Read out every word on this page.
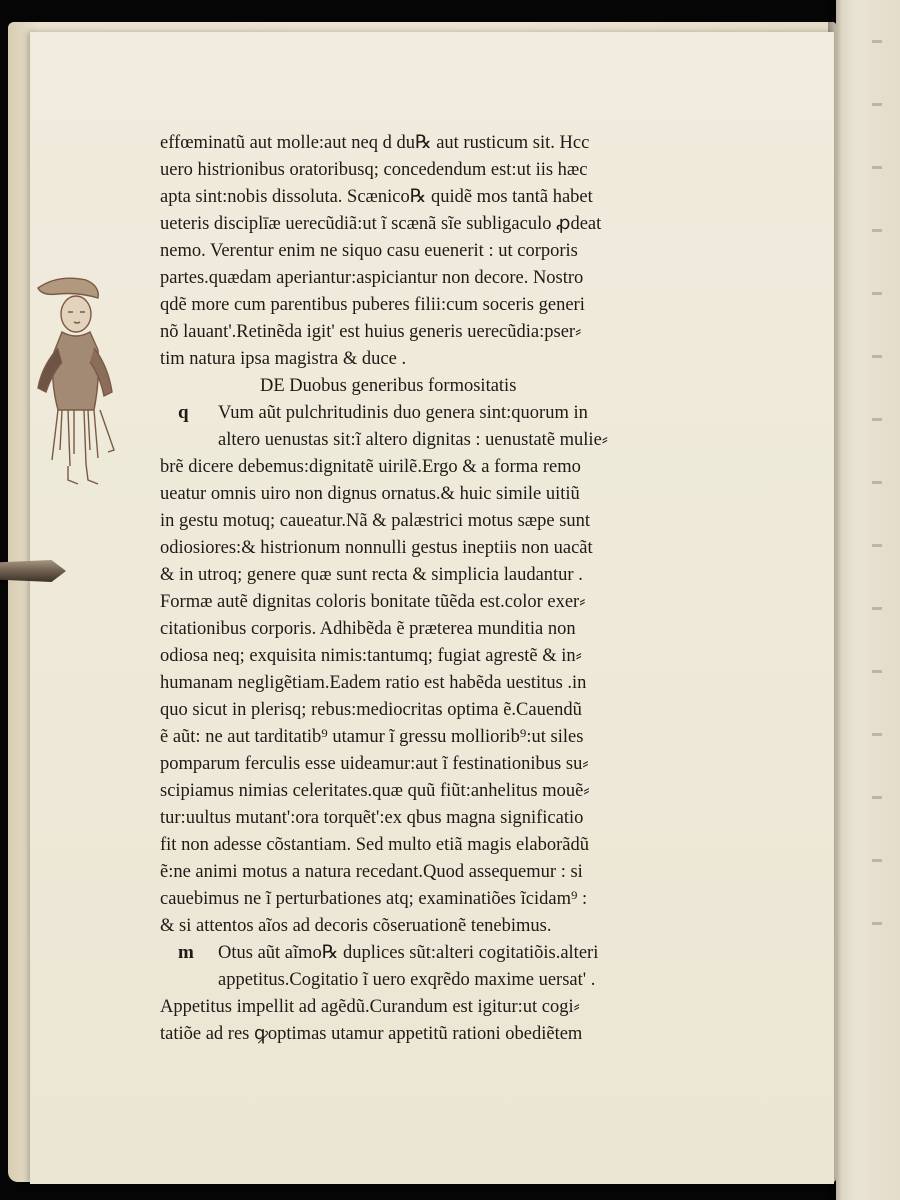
effœminatũ aut molle:aut neq d du℞ aut rusticum sit. Hcc
uero histrionibus oratoribusq; concedendum est:ut iis hæc
apta sint:nobis dissoluta. Scænico℞ quidẽ mos tantã habet
ueteris disciplīæ uerecũdiã:ut ĩ scænã sĩe subligaculo ꝓdeat
nemo. Verentur enim ne siquo casu euenerit : ut corporis
partes.quædam aperiantur:aspiciantur non decore. Nostro
qdẽ more cum parentibus puberes filii:cum soceris generi
nõ lauant'.Retinẽda igit' est huius generis uerecũdia:pser⸗
tim natura ipsa magistra & duce .
DE Duobus generibus formositatis
q Vum aũt pulchritudinis duo genera sint:quorum in
altero uenustas sit:ĩ altero dignitas : uenustatẽ mulie⸗
brẽ dicere debemus:dignitatẽ uirilẽ.Ergo & a forma remo
ueatur omnis uiro non dignus ornatus.& huic simile uitiũ
in gestu motuq; caueatur.Nã & palæstrici motus sæpe sunt
odiosiores:& histrionum nonnulli gestus ineptiis non uacãt
& in utroq; genere quæ sunt recta & simplicia laudantur .
Formæ autẽ dignitas coloris bonitate tũẽda est.color exer⸗
citationibus corporis. Adhibẽda ẽ præterea munditia non
odiosa neq; exquisita nimis:tantumq; fugiat agrestẽ & in⸗
humanam negligẽtiam.Eadem ratio est habẽda uestitus .in
quo sicut in plerisq; rebus:mediocritas optima ẽ.Cauendũ
ẽ aũt: ne aut tarditatib⁹ utamur ĩ gressu molliorib⁹:ut siles
pomparum ferculis esse uideamur:aut ĩ festinationibus su⸗
scipiamus nimias celeritates.quæ quũ fiũt:anhelitus mouẽ⸗
tur:uultus mutant':ora torquẽt':ex qbus magna significatio
fit non adesse cõstantiam. Sed multo etiã magis elaborãdũ
ẽ:ne animi motus a natura recedant.Quod assequemur : si
cauebimus ne ĩ perturbationes atq; examinatiões ĩcidam⁹ :
& si attentos aĩos ad decoris cõseruationẽ tenebimus.
m Otus aũt aĩmo℞ duplices sũt:alteri cogitatiõis.alteri
appetitus.Cogitatio ĩ uero exqrẽdo maxime uersat' .
Appetitus impellit ad agẽdũ.Curandum est igitur:ut cogi⸗
tatiõe ad res ꝙoptimas utamur appetitũ rationi obediẽtem
